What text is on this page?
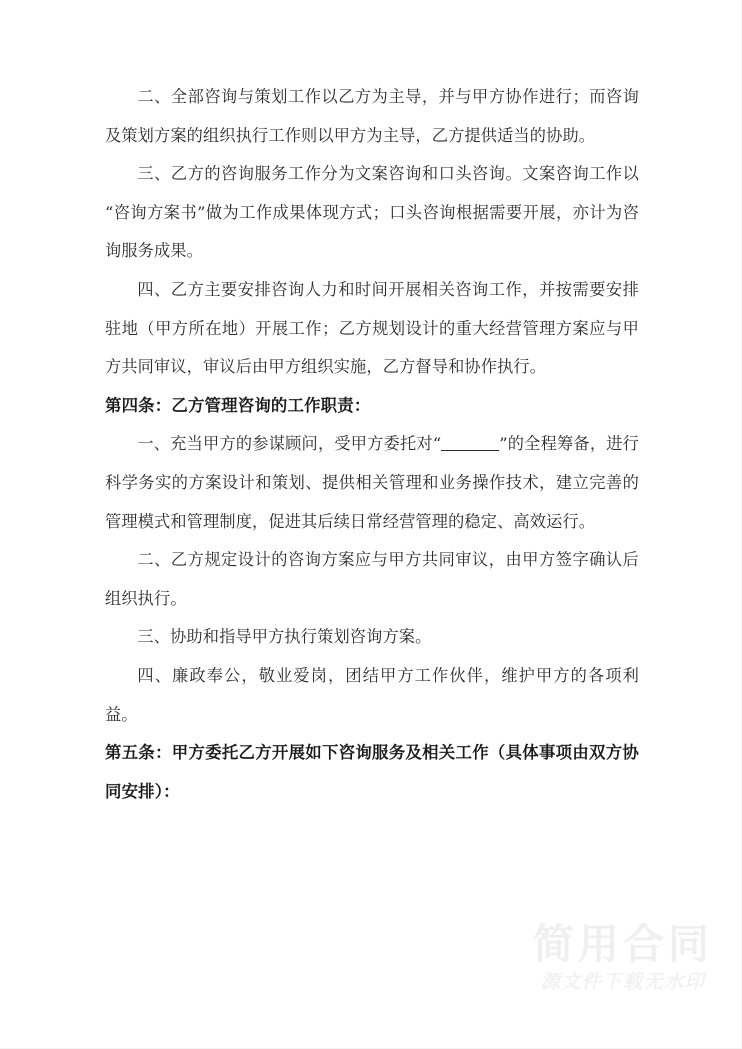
二、全部咨询与策划工作以乙方为主导，并与甲方协作进行；而咨询及策划方案的组织执行工作则以甲方为主导，乙方提供适当的协助。

三、乙方的咨询服务工作分为文案咨询和口头咨询。文案咨询工作以“咨询方案书”做为工作成果体现方式；口头咨询根据需要开展，亦计为咨询服务成果。

四、乙方主要安排咨询人力和时间开展相关咨询工作，并按需要安排驻地（甲方所在地）开展工作；乙方规划设计的重大经营管理方案应与甲方共同审议，审议后由甲方组织实施，乙方督导和协作执行。

第四条：乙方管理咨询的工作职责：

一、充当甲方的参谋顾问，受甲方委托对“	”的全程筹备，进行科学务实的方案设计和策划、提供相关管理和业务操作技术，建立完善的管理模式和管理制度，促进其后续日常经营管理的稳定、高效运行。

二、乙方规定设计的咨询方案应与甲方共同审议，由甲方签字确认后组织执行。

三、协助和指导甲方执行策划咨询方案。

四、廉政奉公，敬业爱岗，团结甲方工作伙伴，维护甲方的各项利益。

第五条：甲方委托乙方开展如下咨询服务及相关工作（具体事项由双方协同安排）：

简用合同
源文件下载无水印
